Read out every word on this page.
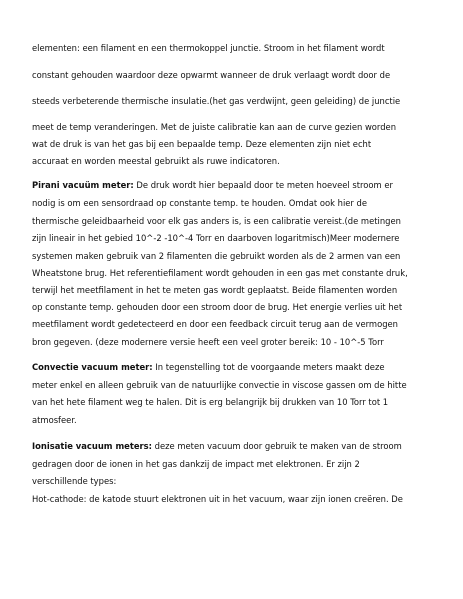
elementen: een filament en een thermokoppel junctie. Stroom in het filament wordt
constant gehouden waardoor deze opwarmt wanneer de druk verlaagt wordt door de
steeds verbeterende thermische insulatie.(het gas verdwijnt, geen geleiding) de junctie
meet de temp veranderingen. Met de juiste calibratie kan aan de curve gezien worden
wat de druk is van het gas bij een bepaalde temp. Deze elementen zijn niet echt
accuraat en worden meestal gebruikt als ruwe indicatoren.
Pirani vacuüm meter: De druk wordt hier bepaald door te meten hoeveel stroom er
nodig is om een sensordraad op constante temp. te houden. Omdat ook hier de
thermische geleidbaarheid voor elk gas anders is, is een calibratie vereist.(de metingen
zijn lineair in het gebied 10^-2 -10^-4 Torr en daarboven logaritmisch)Meer modernere
systemen maken gebruik van 2 filamenten die gebruikt worden als de 2 armen van een
Wheatstone brug. Het referentiefilament wordt gehouden in een gas met constante druk,
terwijl het meetfilament in het te meten gas wordt geplaatst. Beide filamenten worden
op constante temp. gehouden door een stroom door de brug. Het energie verlies uit het
meetfilament wordt gedetecteerd en door een feedback circuit terug aan de vermogen
bron gegeven. (deze modernere versie heeft een veel groter bereik: 10 - 10^-5 Torr
Convectie vacuum meter: In tegenstelling tot de voorgaande meters maakt deze
meter enkel en alleen gebruik van de natuurlijke convectie in viscose gassen om de hitte
van het hete filament weg te halen. Dit is erg belangrijk bij drukken van 10 Torr tot 1
atmosfeer.
Ionisatie vacuum meters: deze meten vacuum door gebruik te maken van de stroom
gedragen door de ionen in het gas dankzij de impact met elektronen. Er zijn 2
verschillende types:
Hot-cathode: de katode stuurt elektronen uit in het vacuum, waar zijn ionen creëren. De
